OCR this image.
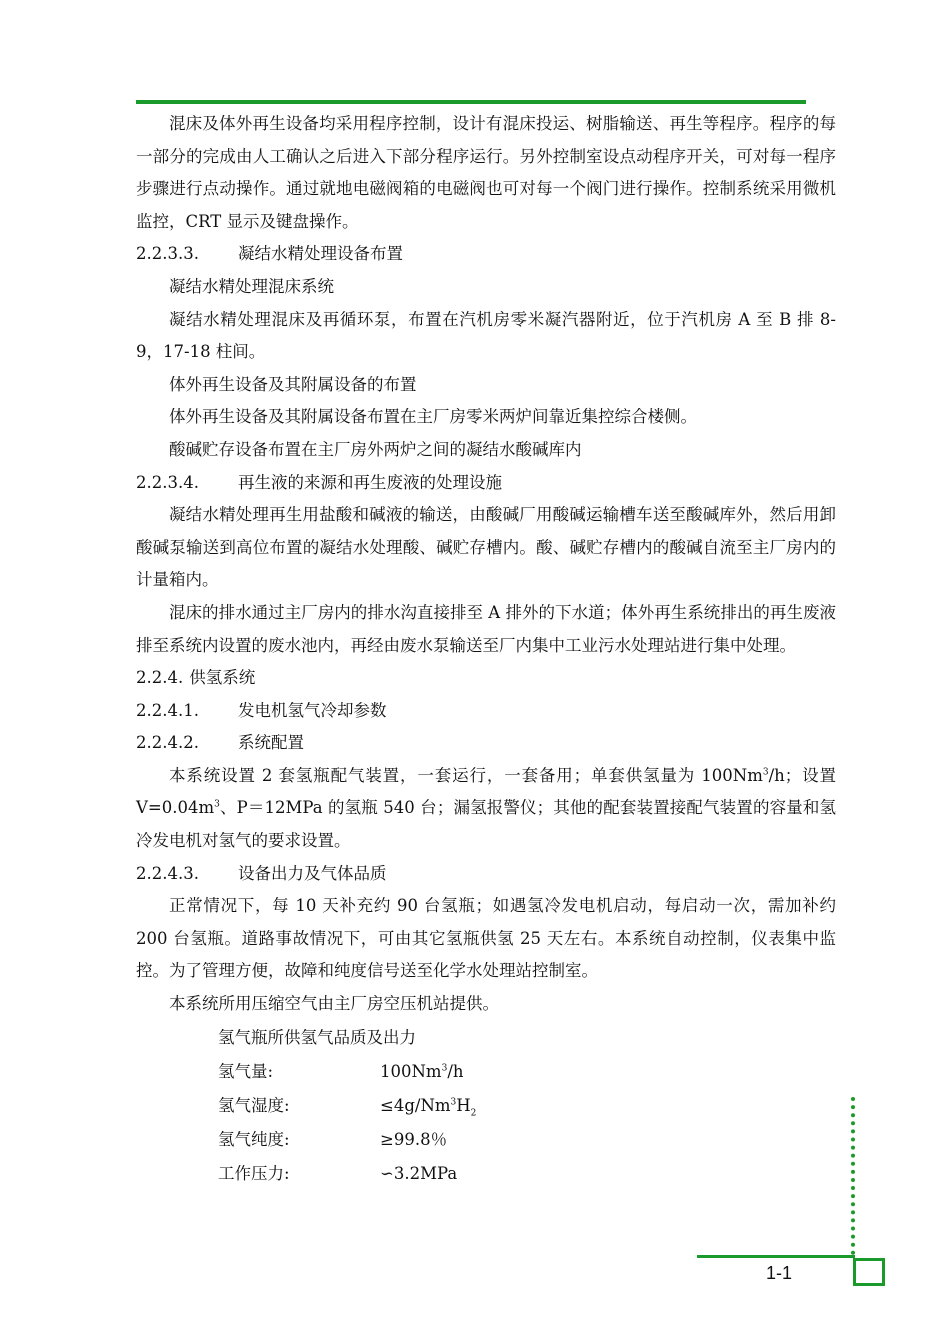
混床及体外再生设备均采用程序控制，设计有混床投运、树脂输送、再生等程序。程序的每一部分的完成由人工确认之后进入下部分程序运行。另外控制室设点动程序开关，可对每一程序步骤进行点动操作。通过就地电磁阀箱的电磁阀也可对每一个阀门进行操作。控制系统采用微机监控，CRT 显示及键盘操作。

2.2.3.3. 凝结水精处理设备布置

凝结水精处理混床系统

凝结水精处理混床及再循环泵，布置在汽机房零米凝汽器附近，位于汽机房 A 至 B 排 8-9，17-18 柱间。

体外再生设备及其附属设备的布置

体外再生设备及其附属设备布置在主厂房零米两炉间靠近集控综合楼侧。

酸碱贮存设备布置在主厂房外两炉之间的凝结水酸碱库内

2.2.3.4. 再生液的来源和再生废液的处理设施

凝结水精处理再生用盐酸和碱液的输送，由酸碱厂用酸碱运输槽车送至酸碱库外，然后用卸酸碱泵输送到高位布置的凝结水处理酸、碱贮存槽内。酸、碱贮存槽内的酸碱自流至主厂房内的计量箱内。

混床的排水通过主厂房内的排水沟直接排至 A 排外的下水道；体外再生系统排出的再生废液排至系统内设置的废水池内，再经由废水泵输送至厂内集中工业污水处理站进行集中处理。

2.2.4. 供氢系统

2.2.4.1. 发电机氢气冷却参数

2.2.4.2. 系统配置

本系统设置 2 套氢瓶配气装置，一套运行，一套备用；单套供氢量为 100Nm$^3$/h；设置 $V=0.04m^3$、P＝12MPa 的氢瓶 540 台；漏氢报警仪；其他的配套装置接配气装置的容量和氢冷发电机对氢气的要求设置。

2.2.4.3. 设备出力及气体品质

正常情况下，每 10 天补充约 90 台氢瓶；如遇氢冷发电机启动，每启动一次，需加补约 200 台氢瓶。道路事故情况下，可由其它氢瓶供氢 25 天左右。本系统自动控制，仪表集中监控。为了管理方便，故障和纯度信号送至化学水处理站控制室。

本系统所用压缩空气由主厂房空压机站提供。

氢气瓶所供氢气品质及出力
氢气量:	100Nm$^3$/h
氢气湿度:	$\le 4g/Nm^3H_2$
氢气纯度:	≥99.8％
工作压力:	∽3.2MPa
1-1
